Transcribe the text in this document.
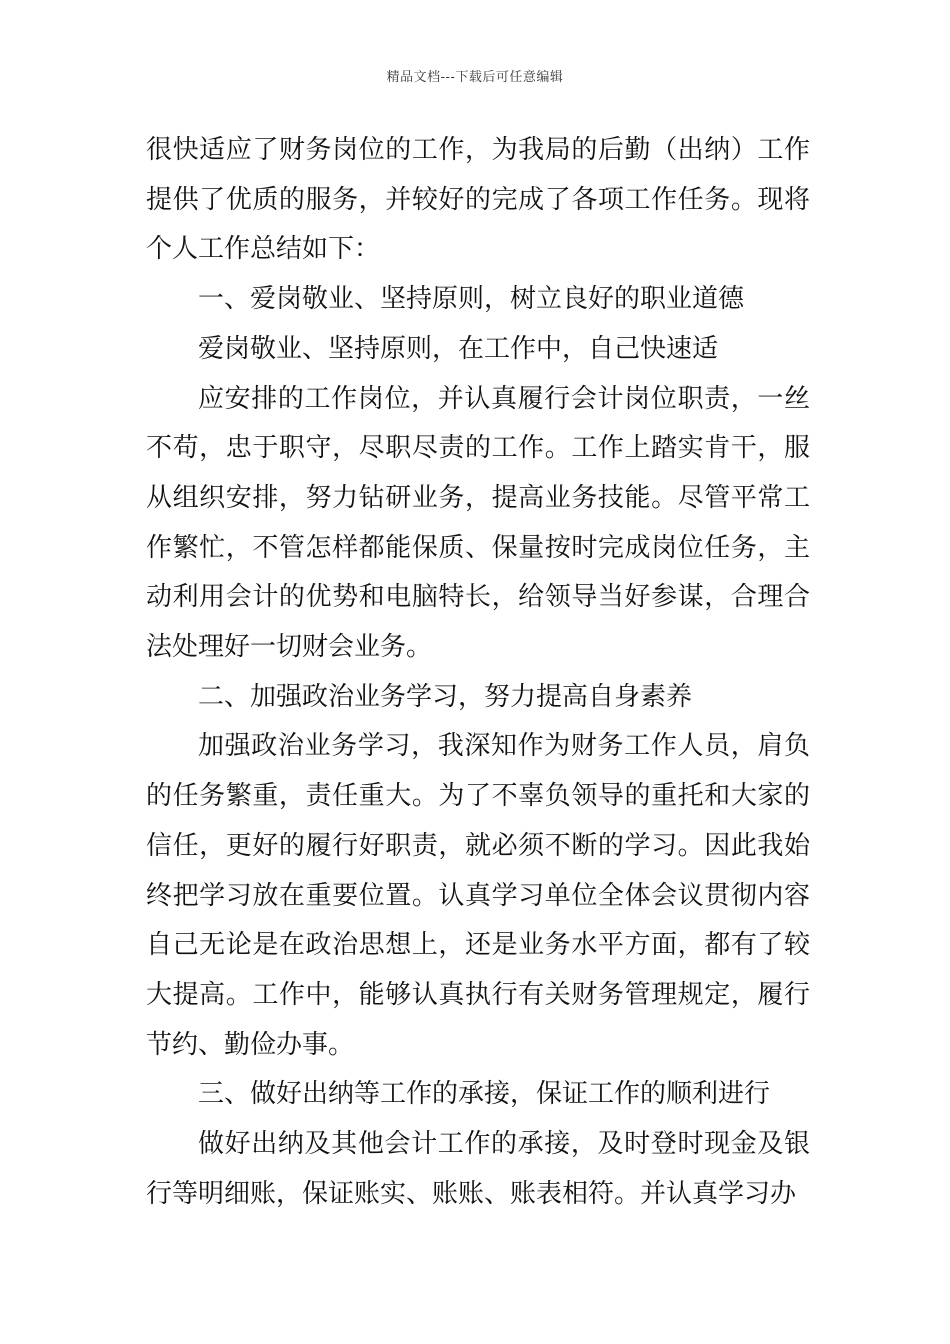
精品文档---下载后可任意编辑

很快适应了财务岗位的工作，为我局的后勤（出纳）工作提供了优质的服务，并较好的完成了各项工作任务。现将个人工作总结如下：

一、爱岗敬业、坚持原则，树立良好的职业道德

爱岗敬业、坚持原则，在工作中，自己快速适

应安排的工作岗位，并认真履行会计岗位职责，一丝不苟，忠于职守，尽职尽责的工作。工作上踏实肯干，服从组织安排，努力钻研业务，提高业务技能。尽管平常工作繁忙，不管怎样都能保质、保量按时完成岗位任务，主动利用会计的优势和电脑特长，给领导当好参谋，合理合法处理好一切财会业务。

二、加强政治业务学习，努力提高自身素养

加强政治业务学习，我深知作为财务工作人员，肩负的任务繁重，责任重大。为了不辜负领导的重托和大家的信任，更好的履行好职责，就必须不断的学习。因此我始终把学习放在重要位置。认真学习单位全体会议贯彻内容自己无论是在政治思想上，还是业务水平方面，都有了较大提高。工作中，能够认真执行有关财务管理规定，履行节约、勤俭办事。

三、做好出纳等工作的承接，保证工作的顺利进行

做好出纳及其他会计工作的承接，及时登时现金及银行等明细账，保证账实、账账、账表相符。并认真学习办
